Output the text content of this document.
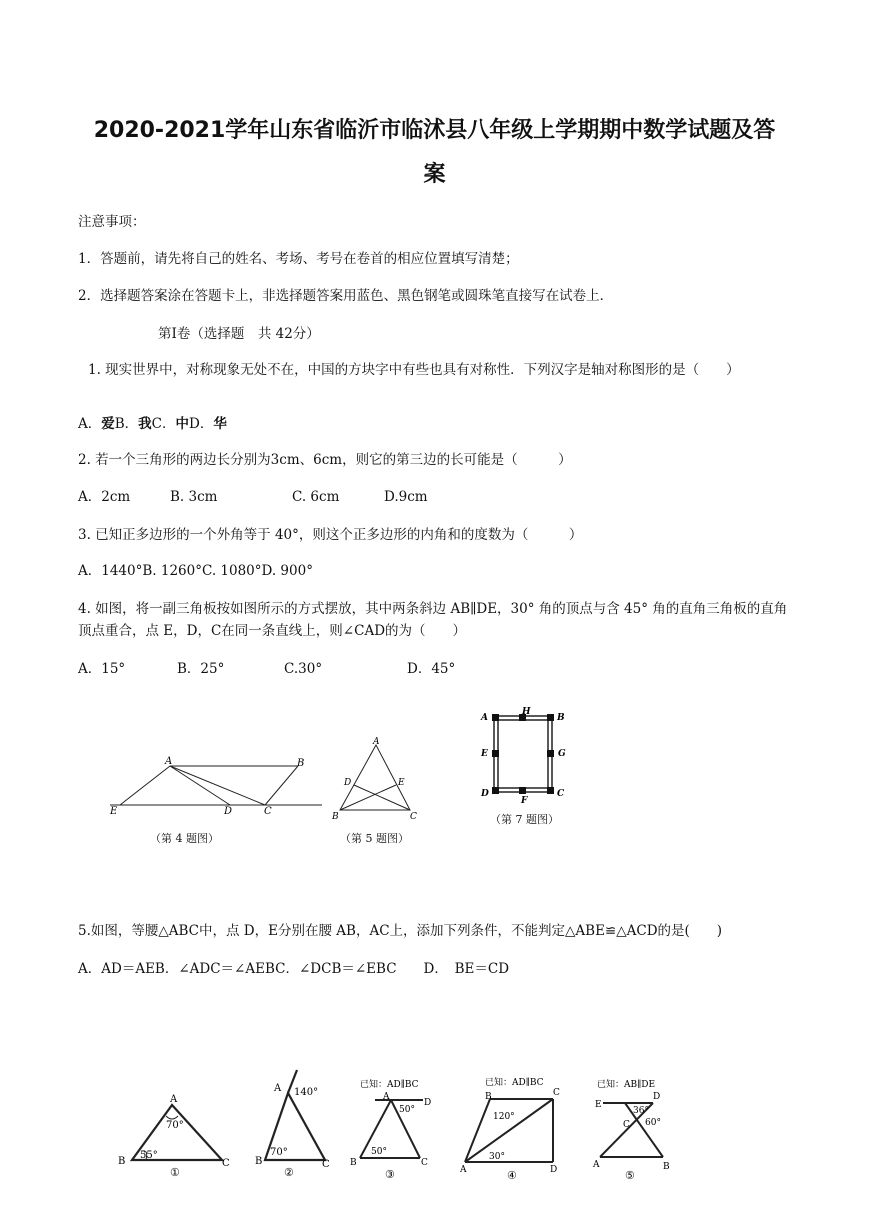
2020-2021学年山东省临沂市临沭县八年级上学期期中数学试题及答
案
注意事项：
1．答题前，请先将自己的姓名、考场、考号在卷首的相应位置填写清楚；
2．选择题答案涂在答题卡上，非选择题答案用蓝色、黑色钢笔或圆珠笔直接写在试卷上．
第Ⅰ卷（选择题　共 42分）
1. 现实世界中，对称现象无处不在，中国的方块字中有些也具有对称性．下列汉字是轴对称图形的是（　　）
A．爱B．我C．中D．华
2. 若一个三角形的两边长分别为3cm、6cm，则它的第三边的长可能是（　　　）
A．2cm	B. 3cm	C. 6cm	D.9cm
3. 已知正多边形的一个外角等于 40°，则这个正多边形的内角和的度数为（　　　）
A．1440°B. 1260°C. 1080°D. 900°
4. 如图，将一副三角板按如图所示的方式摆放，其中两条斜边 AB∥DE，30° 角的顶点与含 45° 角的直角三角板的直角顶点重合，点 E，D，C在同一条直线上，则∠CAD的为（　　）
A．15°	B．25°	C.30°	D．45°
A	B
E	D	C
（第 4 题图）
A
D	E
B	C
（第 5 题图）
A
H
B
E	G
D
F
C
（第 7 题图）
5.如图，等腰△ABC中，点 D，E分别在腰 AB，AC上，添加下列条件，不能判定△ABE≌△ACD的是(　　)
A．AD＝AEB．∠ADC＝∠AEBC．∠DCB＝∠EBC　　D．　BE＝CD
A
B	C
70°
55°
①
A
B	C
140°
70°
②
已知：AD∥BC
A
D
B	C
50°
50°
③
已知：AD∥BC
B	C
A	D
120°
30°
④
已知：AB∥DE
E
D
C
A	B
36°
60°
⑤
